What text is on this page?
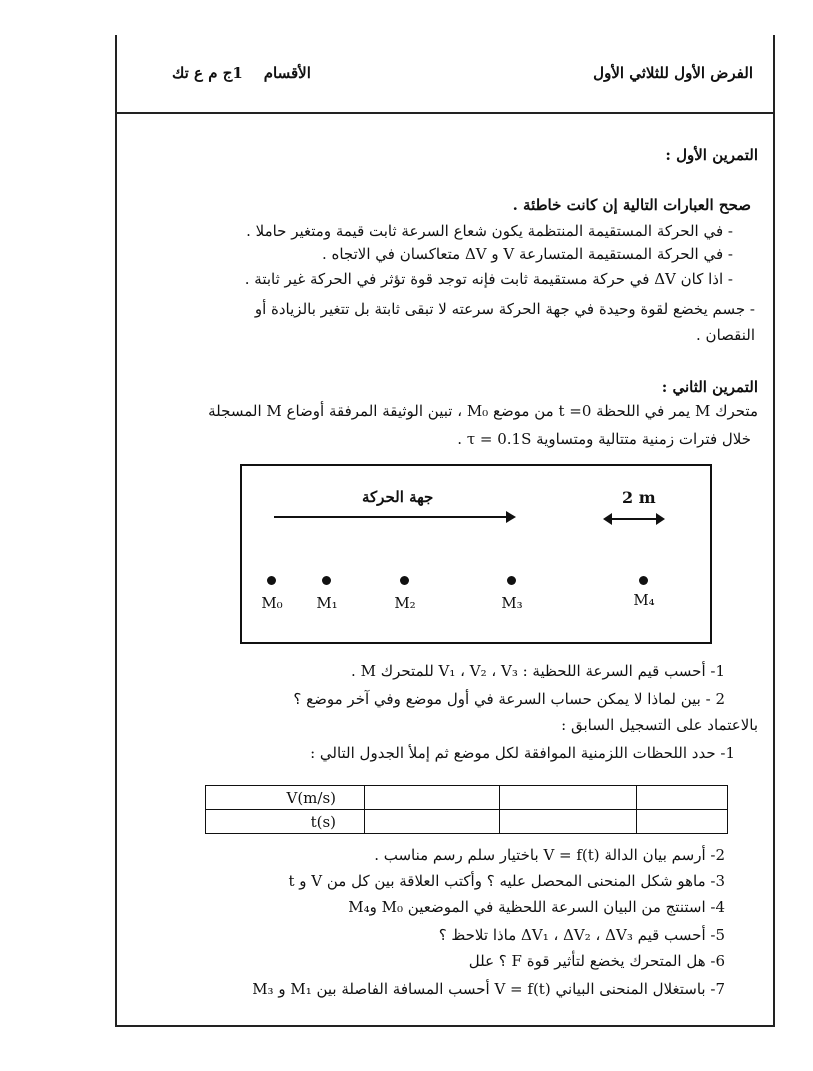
الفرض الأول للثلاثي الأول
الأقسام    1ج م ع تك
التمرين الأول :
صحح العبارات التالية إن كانت خاطئة .
- في الحركة المستقيمة المنتظمة يكون شعاع السرعة ثابت قيمة ومتغير حاملا .
- في الحركة المستقيمة المتسارعة V و ΔV متعاكسان في الاتجاه .
- اذا كان ΔV في حركة مستقيمة ثابت فإنه توجد قوة تؤثر في الحركة غير ثابتة .
- جسم يخضع لقوة وحيدة في جهة الحركة سرعته لا تبقى ثابتة بل تتغير بالزيادة أو
النقصان .
التمرين الثاني :
متحرك M يمر في اللحظة t =0 من موضع M₀ ، تبين الوثيقة المرفقة أوضاع M المسجلة
خلال فترات زمنية متتالية ومتساوية τ = 0.1S .
جهة الحركة	2 m
M₀	M₁	M₂	M₃	M₄
1- أحسب قيم السرعة اللحظية : V₁ ، V₂ ، V₃ للمتحرك M .
2 - بين لماذا لا يمكن حساب السرعة في أول موضع وفي آخر موضع ؟
بالاعتماد على التسجيل السابق :
1- حدد اللحظات اللزمنية الموافقة لكل موضع ثم إملأ الجدول التالي :
V(m/s)			
t(s)			
2- أرسم بيان الدالة V = f(t) باختيار سلم رسم مناسب .
3- ماهو شكل المنحنى المحصل عليه ؟ وأكتب العلاقة بين كل من V و t
4- استنتج من البيان السرعة اللحظية في الموضعين M₀ وM₄
5- أحسب قيم ΔV₁ ، ΔV₂ ، ΔV₃ ماذا تلاحظ ؟
6- هل المتحرك يخضع لتأثير قوة F ؟ علل
7- باستغلال المنحنى البياني V = f(t) أحسب المسافة الفاصلة بين M₁ و M₃
